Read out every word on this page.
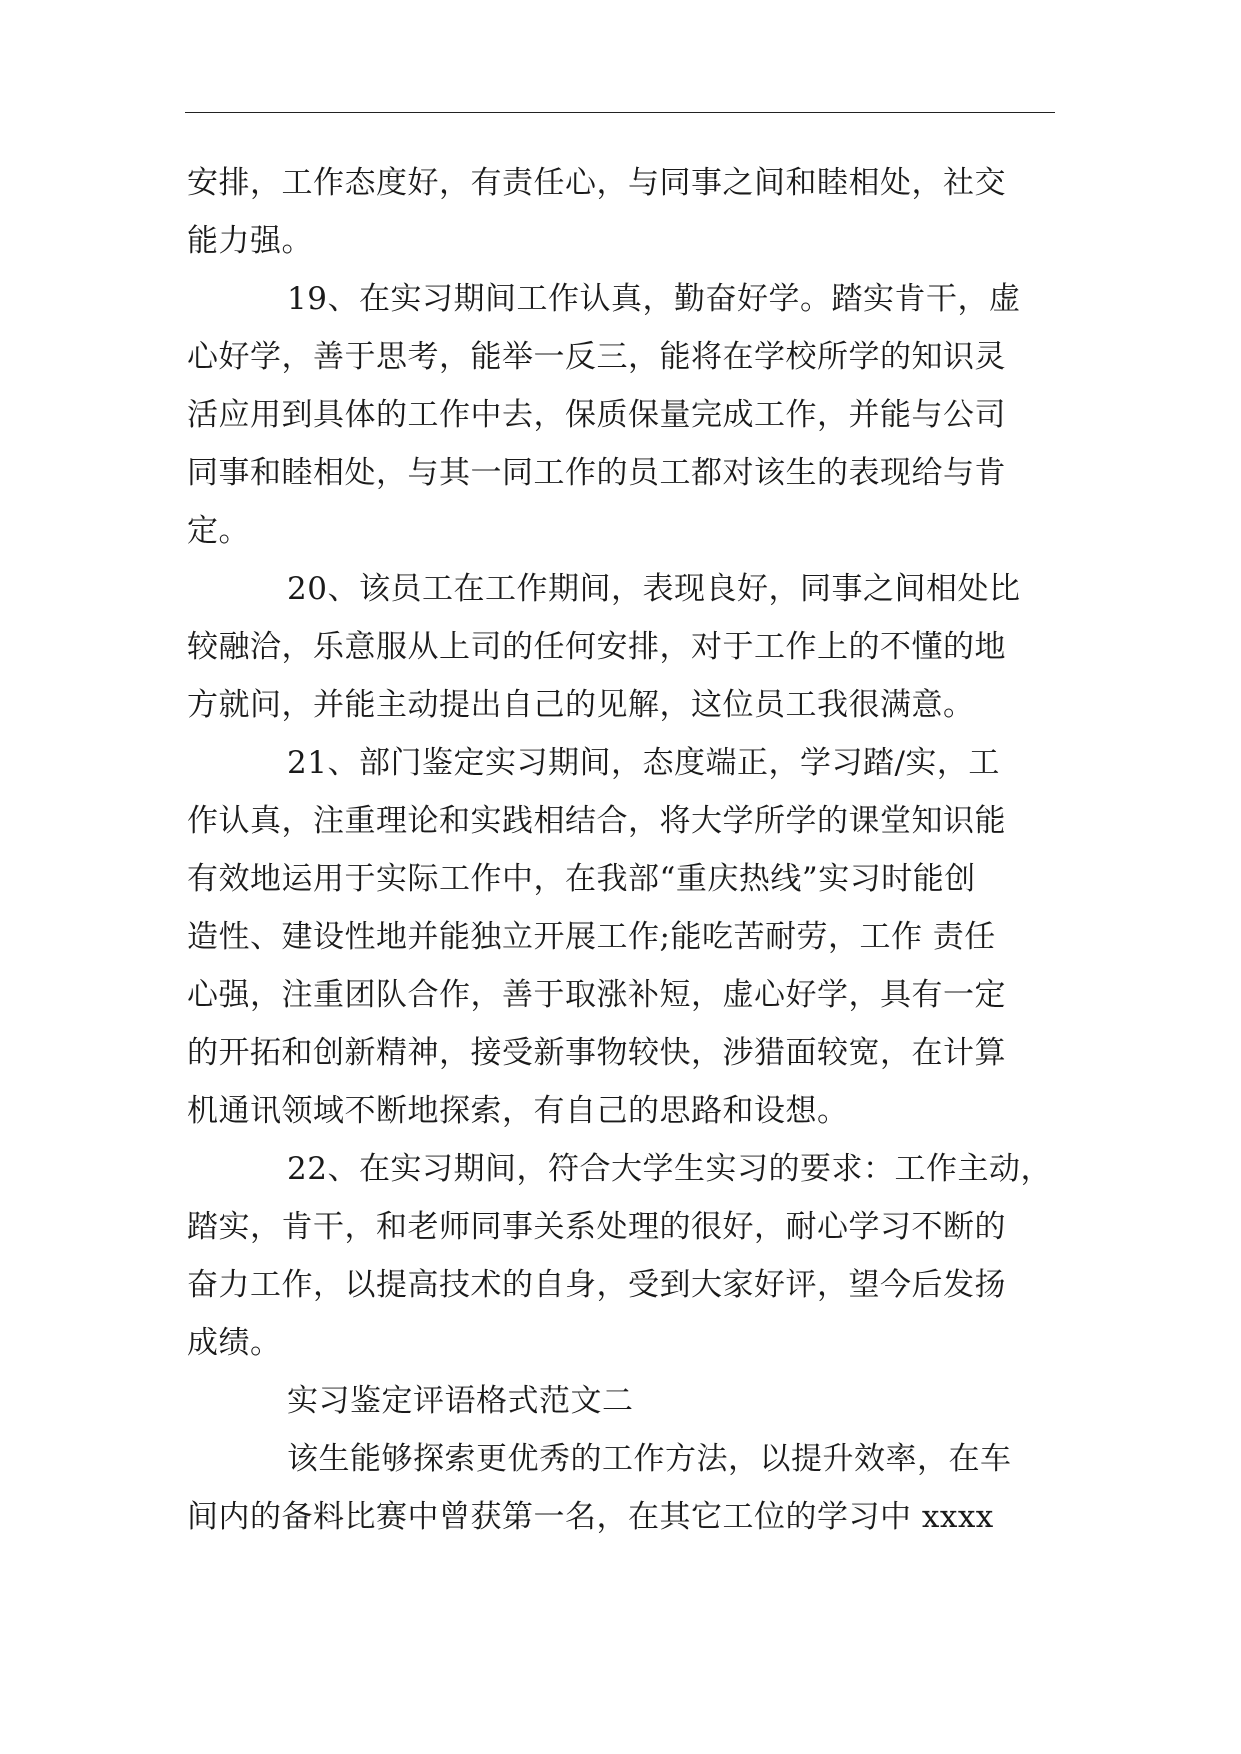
安排，工作态度好，有责任心，与同事之间和睦相处，社交
能力强。
19、在实习期间工作认真，勤奋好学。踏实肯干，虚
心好学，善于思考，能举一反三，能将在学校所学的知识灵
活应用到具体的工作中去，保质保量完成工作，并能与公司
同事和睦相处，与其一同工作的员工都对该生的表现给与肯
定。
20、该员工在工作期间，表现良好，同事之间相处比
较融洽，乐意服从上司的任何安排，对于工作上的不懂的地
方就问，并能主动提出自己的见解，这位员工我很满意。
21、部门鉴定实习期间，态度端正，学习踏/实，工
作认真，注重理论和实践相结合，将大学所学的课堂知识能
有效地运用于实际工作中，在我部“重庆热线”实习时能创
造性、建设性地并能独立开展工作;能吃苦耐劳，工作 责任
心强，注重团队合作，善于取涨补短，虚心好学，具有一定
的开拓和创新精神，接受新事物较快，涉猎面较宽，在计算
机通讯领域不断地探索，有自己的思路和设想。
22、在实习期间，符合大学生实习的要求：工作主动，
踏实，肯干，和老师同事关系处理的很好，耐心学习不断的
奋力工作，以提高技术的自身，受到大家好评，望今后发扬
成绩。
实习鉴定评语格式范文二
该生能够探索更优秀的工作方法，以提升效率，在车
间内的备料比赛中曾获第一名，在其它工位的学习中 xxxx
